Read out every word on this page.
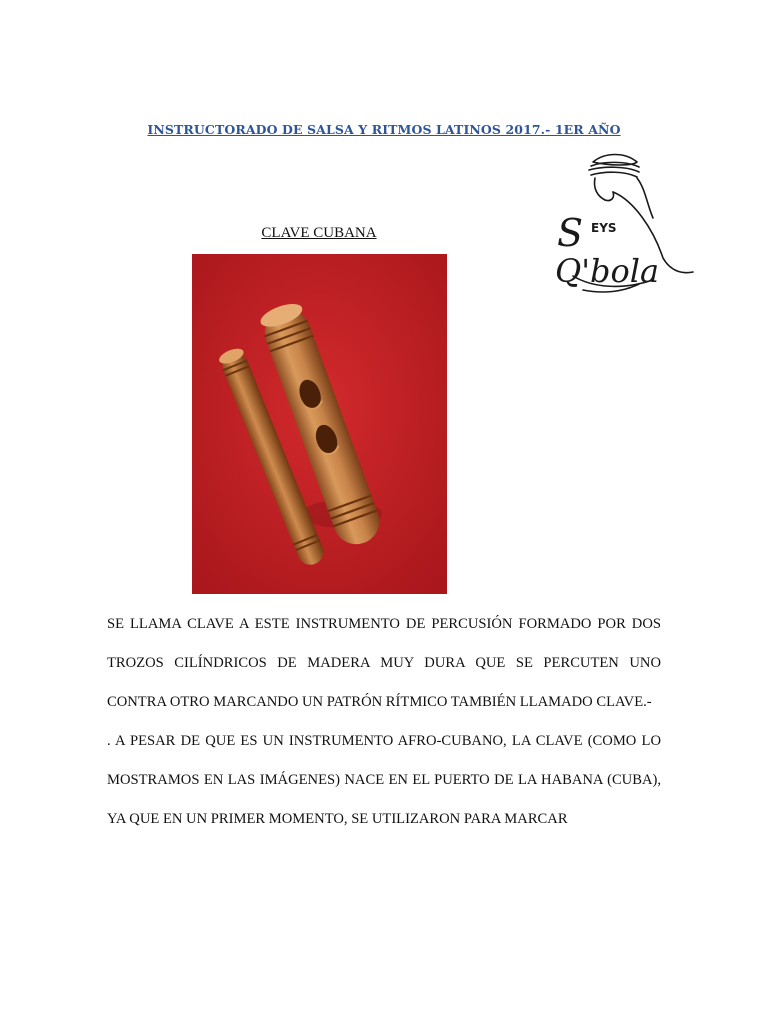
INSTRUCTORADO DE SALSA Y RITMOS LATINOS 2017.- 1ER AÑO
S EYS
Q'bola
CLAVE CUBANA

SE LLAMA CLAVE A ESTE INSTRUMENTO DE PERCUSIÓN FORMADO POR DOS TROZOS CILÍNDRICOS DE MADERA MUY DURA QUE SE PERCUTEN UNO CONTRA OTRO MARCANDO UN PATRÓN RÍTMICO TAMBIÉN LLAMADO CLAVE.-

. A PESAR DE QUE ES UN INSTRUMENTO AFRO-CUBANO, LA CLAVE (COMO LO MOSTRAMOS EN LAS IMÁGENES) NACE EN EL PUERTO DE LA HABANA (CUBA), YA QUE EN UN PRIMER MOMENTO, SE UTILIZARON PARA MARCAR
